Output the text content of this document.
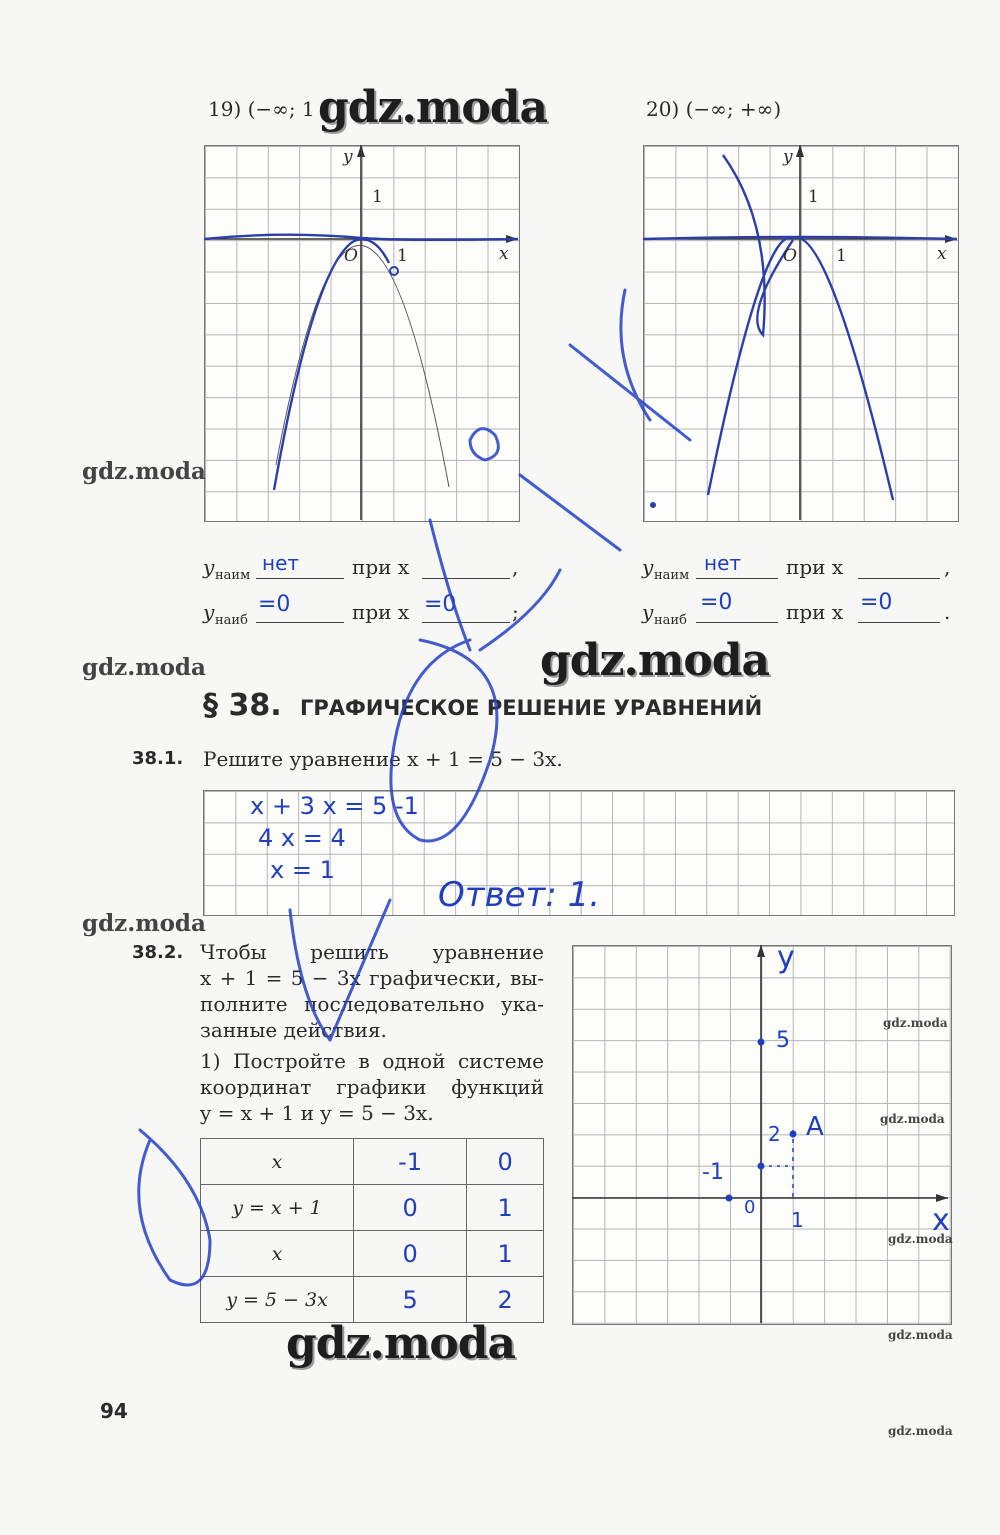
19) (−∞; 1	20) (−∞; +∞)
y
1
O 1	x
y
1
O 1	x
y наим
нет	при x	,
y наиб
=0	при x =0	;
y наим
нет при x	,
y наиб
=0	при x =0	.
§ 38. ГРАФИЧЕСКОЕ РЕШЕНИЕ УРАВНЕНИЙ
38.1. Решите уравнение x + 1 = 5 − 3x.
x + 3 x = 5 -1
4 x = 4
x = 1
Ответ: 1.
38.2. Чтобы решить уравнение
x + 1 = 5 − 3x графически, вы-
полните последовательно ука-
занные действия.
1) Постройте в одной системе
координат графики функций
y = x + 1 и y = 5 − 3x.
x	-1	0
y = x + 1	0	1
x	0	1
y = 5 − 3x	5	2
y
5
2 A
-1
0
1	x
gdz.moda
gdz.moda
gdz.moda	gdz.moda
gdz.moda
gdz.moda
gdz.moda
gdz.moda
gdz.moda	gdz.moda
gdz.moda
94
